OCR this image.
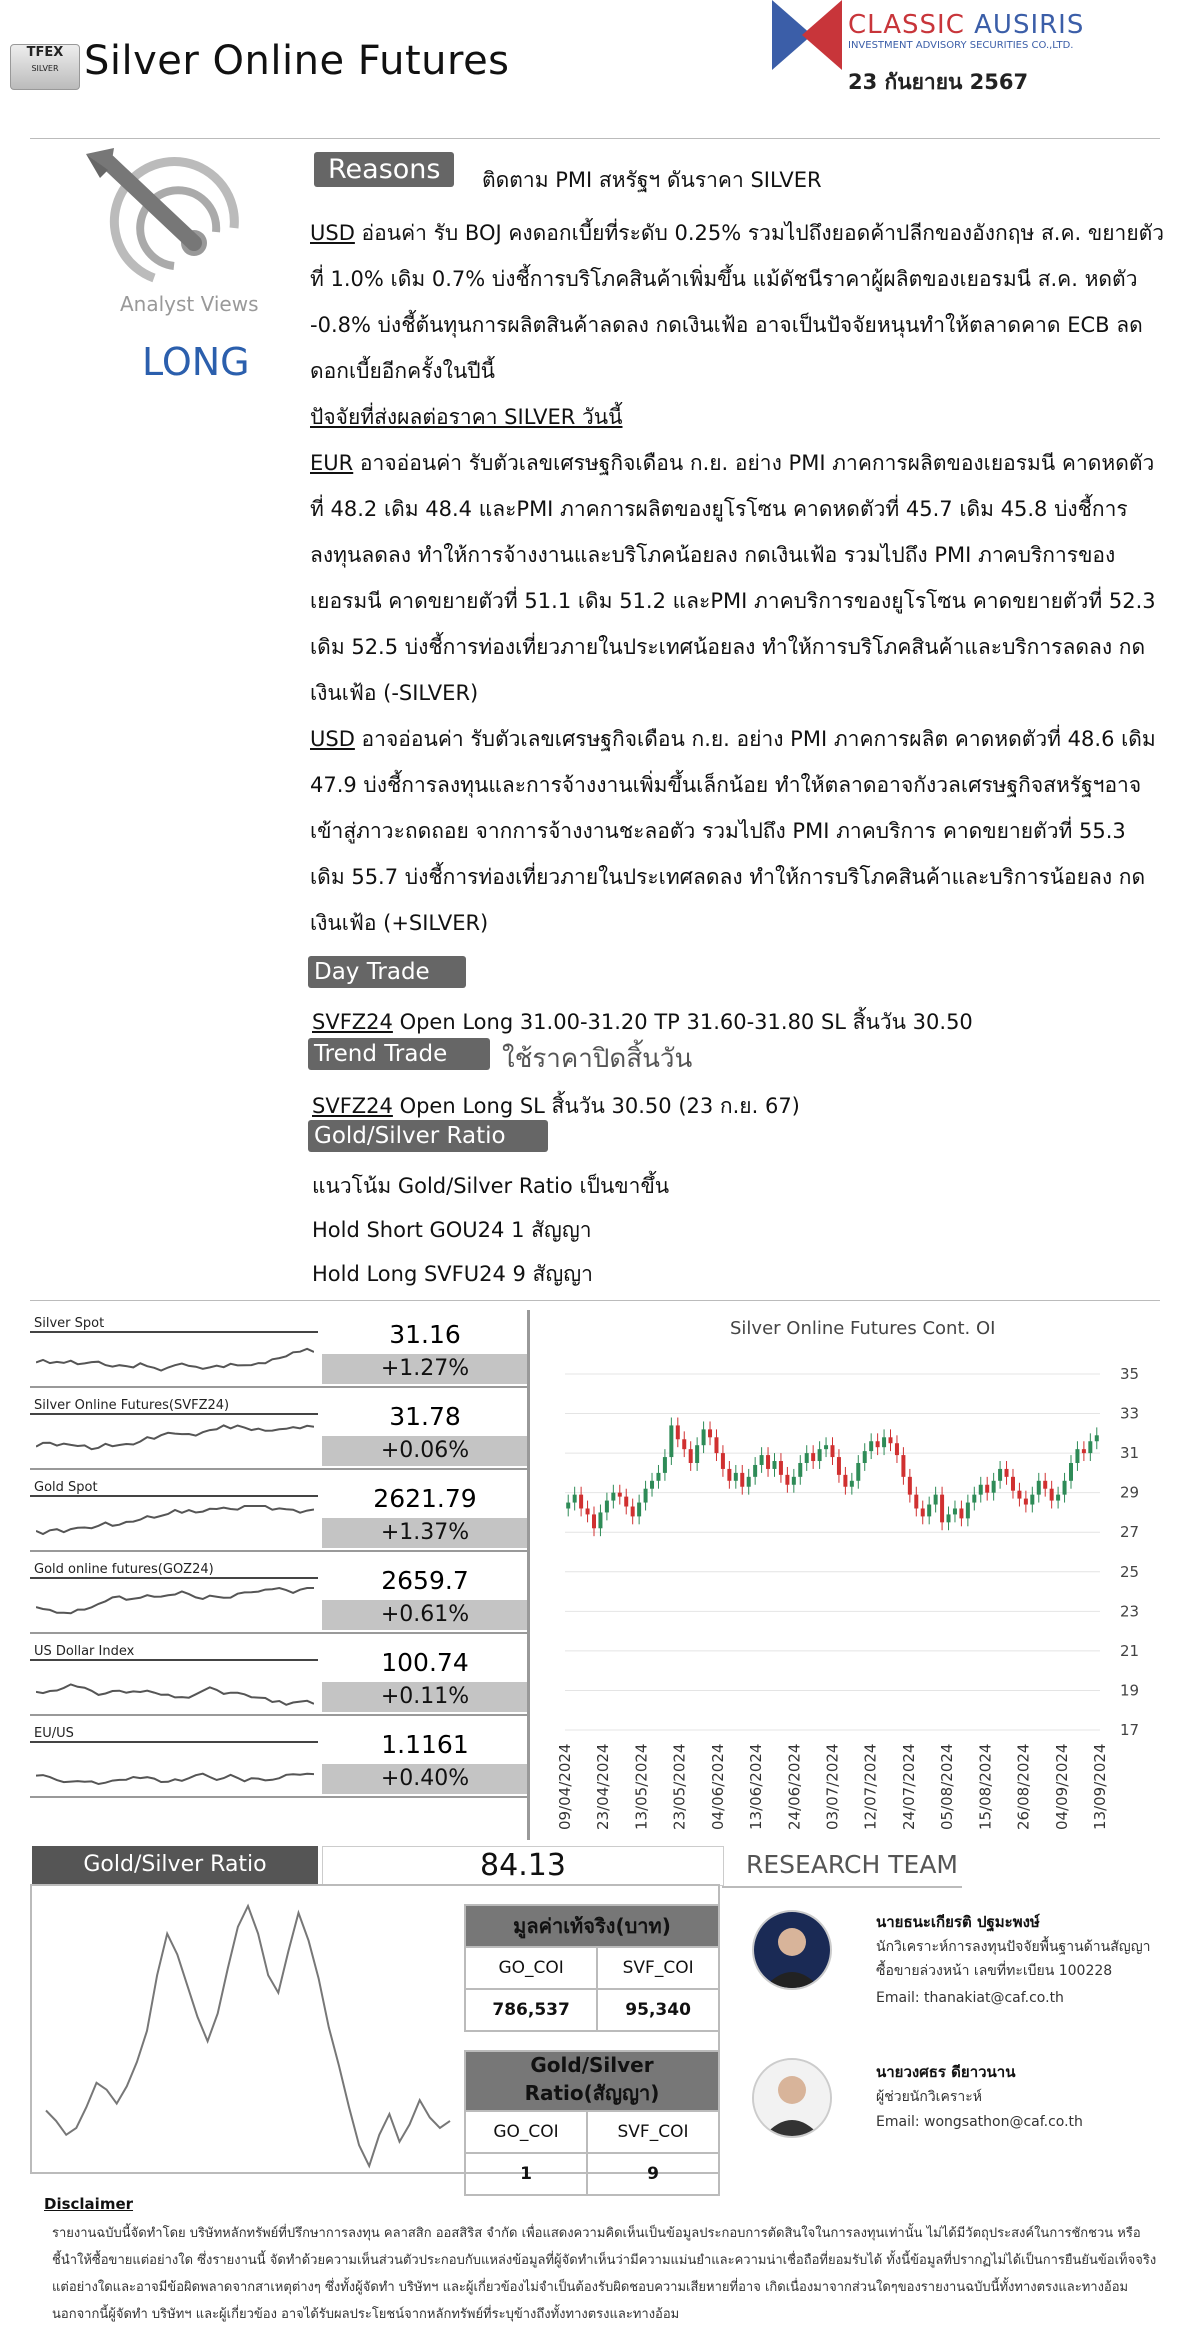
TFEX
SILVER Silver Online Futures
CLASSIC AUSIRIS
INVESTMENT ADVISORY SECURITIES CO.,LTD.
23 กันยายน 2567
Analyst Views
LONG
Reasons	ติดตาม PMI สหรัฐฯ ดันราคา SILVER
USD อ่อนค่า รับ BOJ คงดอกเบี้ยที่ระดับ 0.25% รวมไปถึงยอดค้าปลีกของอังกฤษ ส.ค. ขยายตัวที่ 1.0% เดิม 0.7% บ่งชี้การบริโภคสินค้าเพิ่มขึ้น แม้ดัชนีราคาผู้ผลิตของเยอรมนี ส.ค. หดตัว -0.8% บ่งชี้ต้นทุนการผลิตสินค้าลดลง กดเงินเฟ้อ อาจเป็นปัจจัยหนุนทำให้ตลาดคาด ECB ลดดอกเบี้ยอีกครั้งในปีนี้
ปัจจัยที่ส่งผลต่อราคา SILVER วันนี้
EUR อาจอ่อนค่า รับตัวเลขเศรษฐกิจเดือน ก.ย. อย่าง PMI ภาคการผลิตของเยอรมนี คาดหดตัวที่ 48.2 เดิม 48.4 และPMI ภาคการผลิตของยูโรโซน คาดหดตัวที่ 45.7 เดิม 45.8 บ่งชี้การลงทุนลดลง ทำให้การจ้างงานและบริโภคน้อยลง กดเงินเฟ้อ รวมไปถึง PMI ภาคบริการของเยอรมนี คาดขยายตัวที่ 51.1 เดิม 51.2 และPMI ภาคบริการของยูโรโซน คาดขยายตัวที่ 52.3 เดิม 52.5 บ่งชี้การท่องเที่ยวภายในประเทศน้อยลง ทำให้การบริโภคสินค้าและบริการลดลง กดเงินเฟ้อ (-SILVER)
USD อาจอ่อนค่า รับตัวเลขเศรษฐกิจเดือน ก.ย. อย่าง PMI ภาคการผลิต คาดหดตัวที่ 48.6 เดิม 47.9 บ่งชี้การลงทุนและการจ้างงานเพิ่มขึ้นเล็กน้อย ทำให้ตลาดอาจกังวลเศรษฐกิจสหรัฐฯอาจเข้าสู่ภาวะถดถอย จากการจ้างงานชะลอตัว รวมไปถึง PMI ภาคบริการ คาดขยายตัวที่ 55.3 เดิม 55.7 บ่งชี้การท่องเที่ยวภายในประเทศลดลง ทำให้การบริโภคสินค้าและบริการน้อยลง กดเงินเฟ้อ (+SILVER)
Day Trade
SVFZ24 Open Long 31.00-31.20 TP 31.60-31.80 SL สิ้นวัน 30.50
Trend Trade	ใช้ราคาปิดสิ้นวัน
SVFZ24 Open Long SL สิ้นวัน 30.50 (23 ก.ย. 67)
Gold/Silver Ratio
แนวโน้ม Gold/Silver Ratio เป็นขาขึ้น
Hold Short GOU24 1 สัญญา
Hold Long SVFU24 9 สัญญา
Silver Spot	31.16
+1.27%
Silver Online Futures(SVFZ24)	31.78
+0.06%
Gold Spot	2621.79
+1.37%
Gold online futures(GOZ24)	2659.7
+0.61%
US Dollar Index	100.74
+0.11%
EU/US	1.1161
+0.40%
Silver Online Futures Cont. OI
17
19
21
23
25
27
29
31
33
35
09/04/2024 23/04/2024 13/05/2024 23/05/2024 04/06/2024 13/06/2024 24/06/2024 03/07/2024 12/07/2024 24/07/2024 05/08/2024 15/08/2024 26/08/2024 04/09/2024 13/09/2024
Gold/Silver Ratio	84.13	RESEARCH TEAM
มูลค่าเท้จริง(บาท)	
GO_COI	SVF_COI
786,537	95,340
Gold/Silver Ratio(สัญญา)	
GO_COI	SVF_COI
1	9
นายธนะเกียรติ ปฐมะพงษ์
นักวิเคราะห์การลงทุนปัจจัยพื้นฐานด้านสัญญา
ซื้อขายล่วงหน้า เลขที่ทะเบียน 100228
Email: thanakiat@caf.co.th
นายวงศธร ดียาวนาน
ผู้ช่วยนักวิเคราะห์
Email: wongsathon@caf.co.th
Disclaimer
รายงานฉบับนี้จัดทำโดย บริษัทหลักทรัพย์ที่ปรึกษาการลงทุน คลาสสิก ออสสิริส จำกัด เพื่อแสดงความคิดเห็นเป็นข้อมูลประกอบการตัดสินใจในการลงทุนเท่านั้น ไม่ได้มีวัตถุประสงค์ในการชักชวน หรือชี้นำให้ซื้อขายแต่อย่างใด ซึ่งรายงานนี้ จัดทำด้วยความเห็นส่วนตัวประกอบกับแหล่งข้อมูลที่ผู้จัดทำเห็นว่ามีความแม่นยำและความน่าเชื่อถือที่ยอมรับได้ ทั้งนี้ข้อมูลที่ปรากฏไม่ได้เป็นการยืนยันข้อเท็จจริงแต่อย่างใดและอาจมีข้อผิดพลาดจากสาเหตุต่างๆ ซึ่งทั้งผู้จัดทำ บริษัทฯ และผู้เกี่ยวข้องไม่จำเป็นต้องรับผิดชอบความเสียหายที่อาจ เกิดเนื่องมาจากส่วนใดๆของรายงานฉบับนี้ทั้งทางตรงและทางอ้อม นอกจากนี้ผู้จัดทำ บริษัทฯ และผู้เกี่ยวข้อง อาจได้รับผลประโยชน์จากหลักทรัพย์ที่ระบุข้างถึงทั้งทางตรงและทางอ้อม
